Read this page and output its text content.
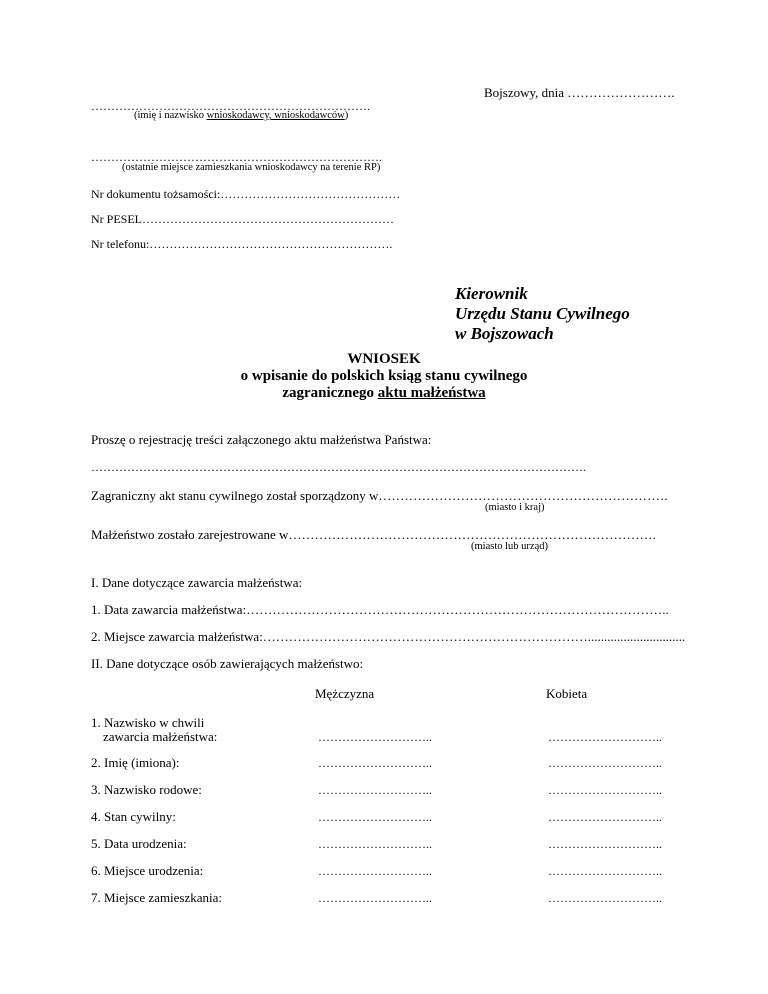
Bojszowy, dnia …………………….
…………………………………………………………….
(imię i nazwisko wnioskodawcy, wnioskodawców)
……………………………………………………………….
(ostatnie miejsce zamieszkania wnioskodawcy na terenie RP)
Nr dokumentu tożsamości:………………………………………
Nr PESEL………………………………………………………
Nr telefonu:…………………………………………………….
Kierownik
Urzędu Stanu Cywilnego
w Bojszowach
WNIOSEK
o wpisanie do polskich ksiąg stanu cywilnego
zagranicznego aktu małżeństwa
Proszę o rejestrację treści załączonego aktu małżeństwa Państwa:
…………………………………………………………………………………………………………….
Zagraniczny akt stanu cywilnego został sporządzony w………………………………………………………….
(miasto i kraj)
Małżeństwo zostało zarejestrowane w………………………………………………………………………….
(miasto lub urząd)
I. Dane dotyczące zawarcia małżeństwa:
1. Data zawarcia małżeństwa:……………………………………………………………………………………..
2. Miejsce zawarcia małżeństwa:…………………………………………………………………..............................
II. Dane dotyczące osób zawierających małżeństwo:
Mężczyzna	Kobieta
1. Nazwisko w chwili
zawarcia małżeństwa:	………………………..	………………………..
2. Imię (imiona):	………………………..	………………………..
3. Nazwisko rodowe:	………………………..	………………………..
4. Stan cywilny:	………………………..	………………………..
5. Data urodzenia:	………………………..	………………………..
6. Miejsce urodzenia:	………………………..	………………………..
7. Miejsce zamieszkania:	………………………..	………………………..
